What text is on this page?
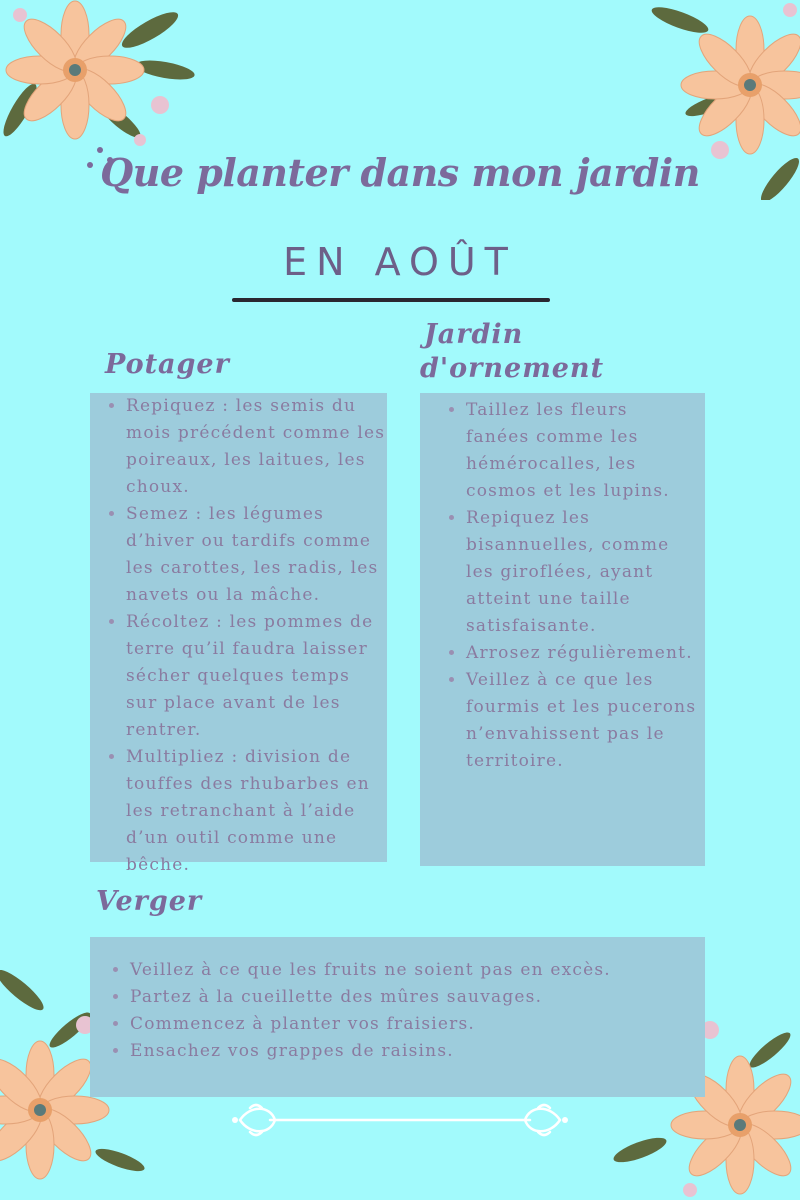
Que planter dans mon jardin
EN AOÛT
Potager
• Repiquez : les semis du mois précédent comme les poireaux, les laitues, les choux.
• Semez : les légumes d’hiver ou tardifs comme les carottes, les radis, les navets ou la mâche.
• Récoltez : les pommes de terre qu’il faudra laisser sécher quelques temps sur place avant de les rentrer.
• Multipliez : division de touffes des rhubarbes en les retranchant à l’aide d’un outil comme une bêche.
Jardin
d'ornement
• Taillez les fleurs fanées comme les hémérocalles, les cosmos et les lupins.
• Repiquez les bisannuelles, comme les giroflées, ayant atteint une taille satisfaisante.
• Arrosez régulièrement.
• Veillez à ce que les fourmis et les pucerons n’envahissent pas le territoire.
Verger
• Veillez à ce que les fruits ne soient pas en excès.
• Partez à la cueillette des mûres sauvages.
• Commencez à planter vos fraisiers.
• Ensachez vos grappes de raisins.
